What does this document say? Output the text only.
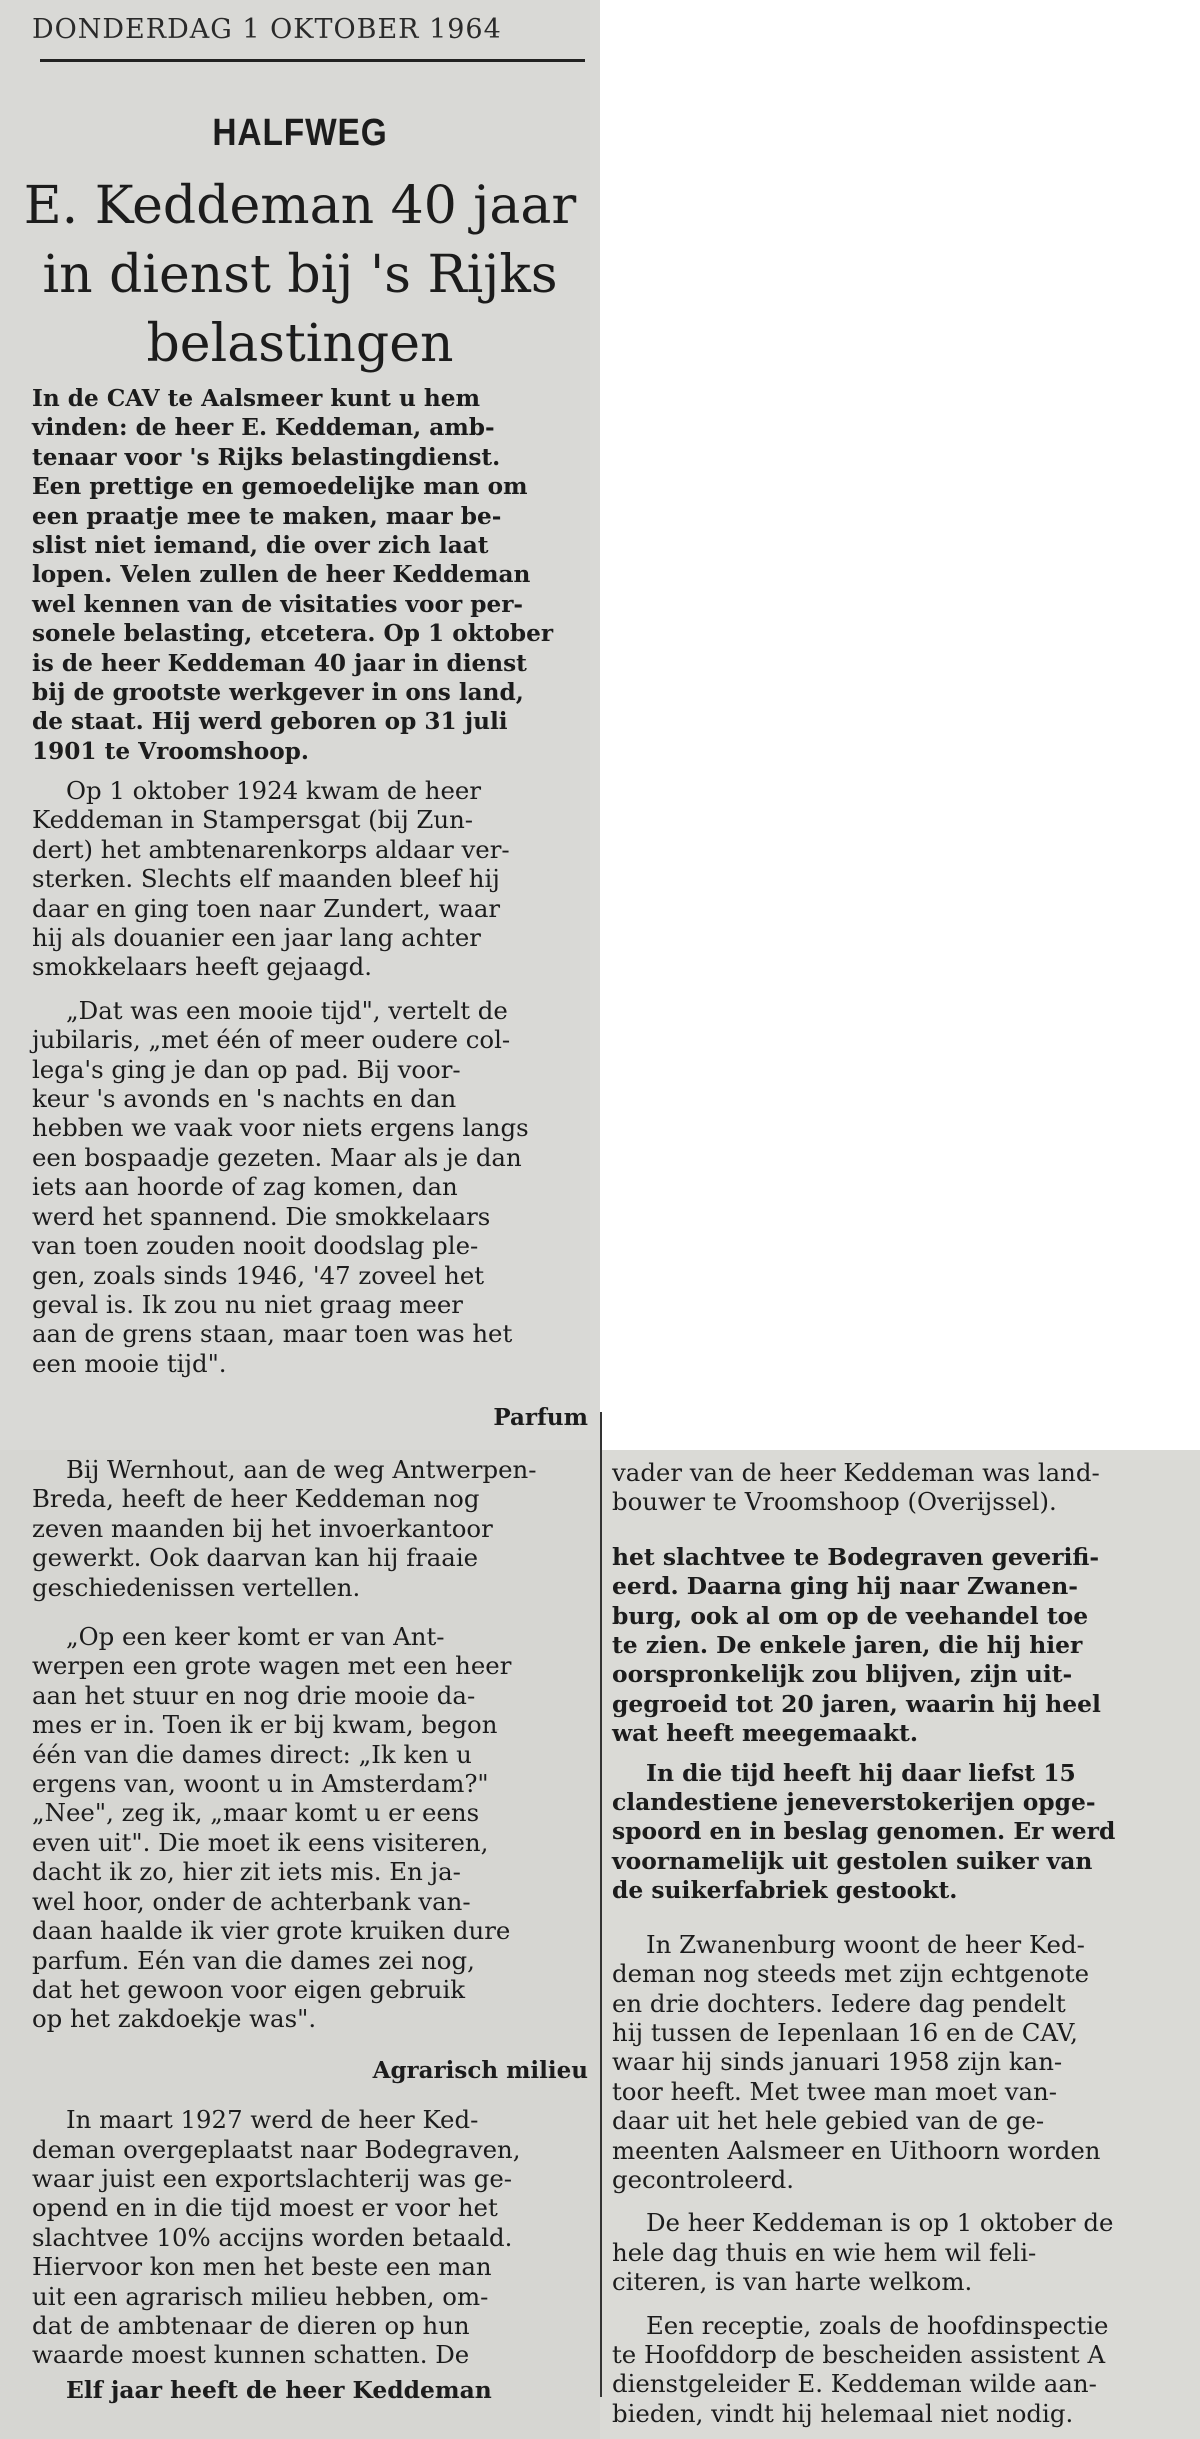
DONDERDAG 1 OKTOBER 1964
HALFWEG
E. Keddeman 40 jaar
in dienst bij 's Rijks
belastingen
In de CAV te Aalsmeer kunt u hem
vinden: de heer E. Keddeman, amb-
tenaar voor 's Rijks belastingdienst.
Een prettige en gemoedelijke man om
een praatje mee te maken, maar be-
slist niet iemand, die over zich laat
lopen. Velen zullen de heer Keddeman
wel kennen van de visitaties voor per-
sonele belasting, etcetera. Op 1 oktober
is de heer Keddeman 40 jaar in dienst
bij de grootste werkgever in ons land,
de staat. Hij werd geboren op 31 juli
1901 te Vroomshoop.
Op 1 oktober 1924 kwam de heer
Keddeman in Stampersgat (bij Zun-
dert) het ambtenarenkorps aldaar ver-
sterken. Slechts elf maanden bleef hij
daar en ging toen naar Zundert, waar
hij als douanier een jaar lang achter
smokkelaars heeft gejaagd.
„Dat was een mooie tijd", vertelt de
jubilaris, „met één of meer oudere col-
lega's ging je dan op pad. Bij voor-
keur 's avonds en 's nachts en dan
hebben we vaak voor niets ergens langs
een bospaadje gezeten. Maar als je dan
iets aan hoorde of zag komen, dan
werd het spannend. Die smokkelaars
van toen zouden nooit doodslag ple-
gen, zoals sinds 1946, '47 zoveel het
geval is. Ik zou nu niet graag meer
aan de grens staan, maar toen was het
een mooie tijd".

Parfum

Bij Wernhout, aan de weg Antwerpen-
Breda, heeft de heer Keddeman nog
zeven maanden bij het invoerkantoor
gewerkt. Ook daarvan kan hij fraaie
geschiedenissen vertellen.
„Op een keer komt er van Ant-
werpen een grote wagen met een heer
aan het stuur en nog drie mooie da-
mes er in. Toen ik er bij kwam, begon
één van die dames direct: „Ik ken u
ergens van, woont u in Amsterdam?"
„Nee", zeg ik, „maar komt u er eens
even uit". Die moet ik eens visiteren,
dacht ik zo, hier zit iets mis. En ja-
wel hoor, onder de achterbank van-
daan haalde ik vier grote kruiken dure
parfum. Eén van die dames zei nog,
dat het gewoon voor eigen gebruik
op het zakdoekje was".

Agrarisch milieu

In maart 1927 werd de heer Ked-
deman overgeplaatst naar Bodegraven,
waar juist een exportslachterij was ge-
opend en in die tijd moest er voor het
slachtvee 10% accijns worden betaald.
Hiervoor kon men het beste een man
uit een agrarisch milieu hebben, om-
dat de ambtenaar de dieren op hun
waarde moest kunnen schatten. De
Elf jaar heeft de heer Keddeman
vader van de heer Keddeman was land-
bouwer te Vroomshoop (Overijssel).
het slachtvee te Bodegraven geverifi-
eerd. Daarna ging hij naar Zwanen-
burg, ook al om op de veehandel toe
te zien. De enkele jaren, die hij hier
oorspronkelijk zou blijven, zijn uit-
gegroeid tot 20 jaren, waarin hij heel
wat heeft meegemaakt.
In die tijd heeft hij daar liefst 15
clandestiene jeneverstokerijen opge-
spoord en in beslag genomen. Er werd
voornamelijk uit gestolen suiker van
de suikerfabriek gestookt.
In Zwanenburg woont de heer Ked-
deman nog steeds met zijn echtgenote
en drie dochters. Iedere dag pendelt
hij tussen de Iepenlaan 16 en de CAV,
waar hij sinds januari 1958 zijn kan-
toor heeft. Met twee man moet van-
daar uit het hele gebied van de ge-
meenten Aalsmeer en Uithoorn worden
gecontroleerd.
De heer Keddeman is op 1 oktober de
hele dag thuis en wie hem wil feli-
citeren, is van harte welkom.
Een receptie, zoals de hoofdinspectie
te Hoofddorp de bescheiden assistent A
dienstgeleider E. Keddeman wilde aan-
bieden, vindt hij helemaal niet nodig.
